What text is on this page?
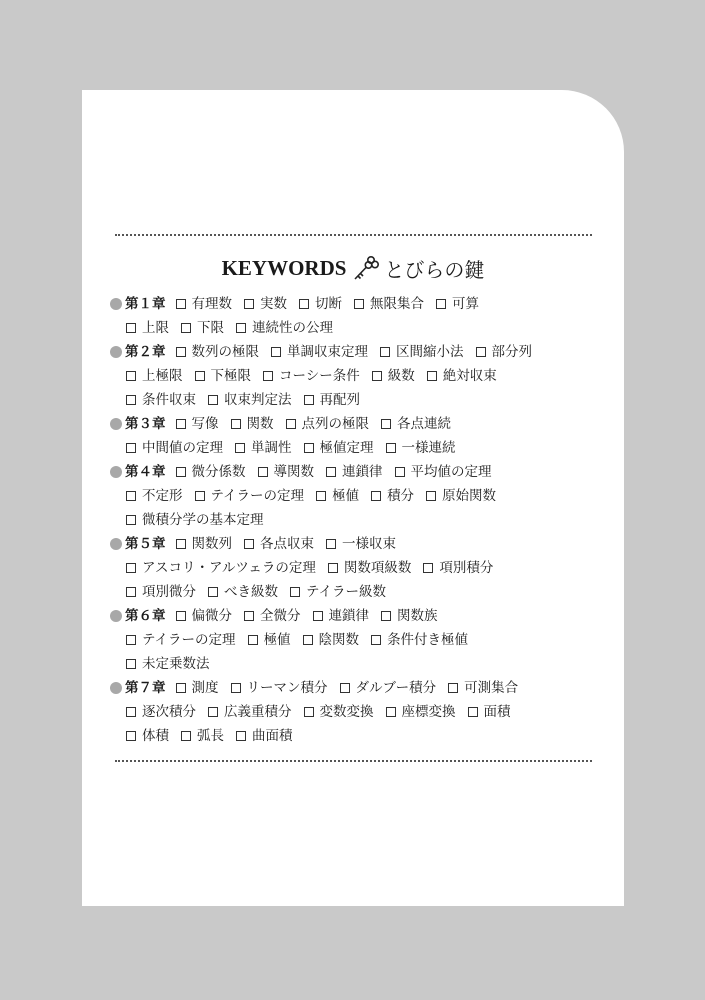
KEYWORDS とびらの鍵
第１章 有理数 実数 切断 無限集合 可算
上限 下限 連続性の公理
第２章 数列の極限 単調収束定理 区間縮小法 部分列
上極限 下極限 コーシー条件 級数 絶対収束
条件収束 収束判定法 再配列
第３章 写像 関数 点列の極限 各点連続
中間値の定理 単調性 極値定理 一様連続
第４章 微分係数 導関数 連鎖律 平均値の定理
不定形 テイラーの定理 極値 積分 原始関数
微積分学の基本定理
第５章 関数列 各点収束 一様収束
アスコリ・アルツェラの定理 関数項級数 項別積分
項別微分 べき級数 テイラー級数
第６章 偏微分 全微分 連鎖律 関数族
テイラーの定理 極値 陰関数 条件付き極値
未定乗数法
第７章 測度 リーマン積分 ダルブー積分 可測集合
逐次積分 広義重積分 変数変換 座標変換 面積
体積 弧長 曲面積
